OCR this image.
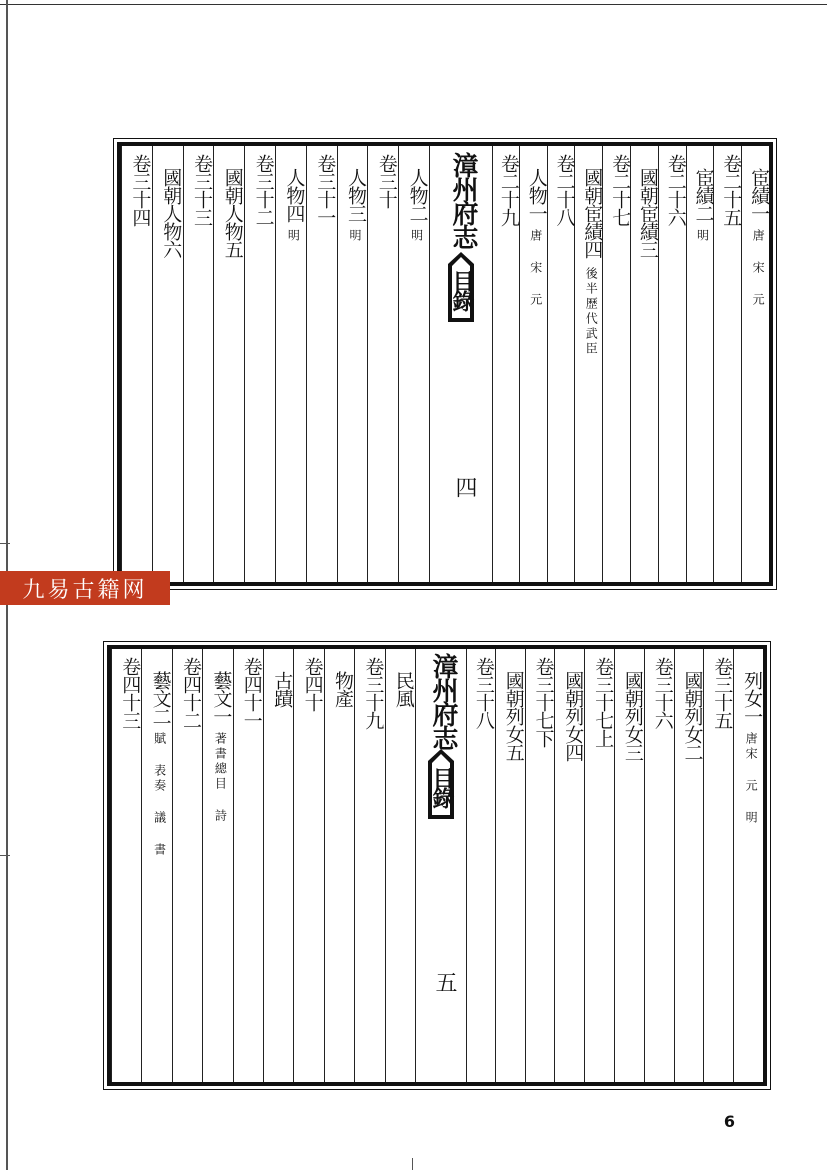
宦績一
唐 宋 元
卷二十五
宦績二
明
卷二十六
國朝宦績三
卷二十七
國朝宦績四
後半歷代武臣
卷二十八
人物一
唐 宋 元
卷二十九
人物二
明
卷三十
人物三
明
卷三十一
人物四
明
卷三十二
國朝人物五
卷三十三
國朝人物六
卷三十四	漳州府志
目錄
四
列女一
唐宋 元 明
卷三十五
國朝列女二
卷三十六
國朝列女三
卷三十七上
國朝列女四
卷三十七下
國朝列女五
卷三十八
民風
卷三十九
物產
卷四十
古蹟
卷四十一
藝文一
著書總目 詩
卷四十二
藝文二
賦 表奏 議 書
卷四十三	漳州府志
目錄
五
九易古籍网
6
